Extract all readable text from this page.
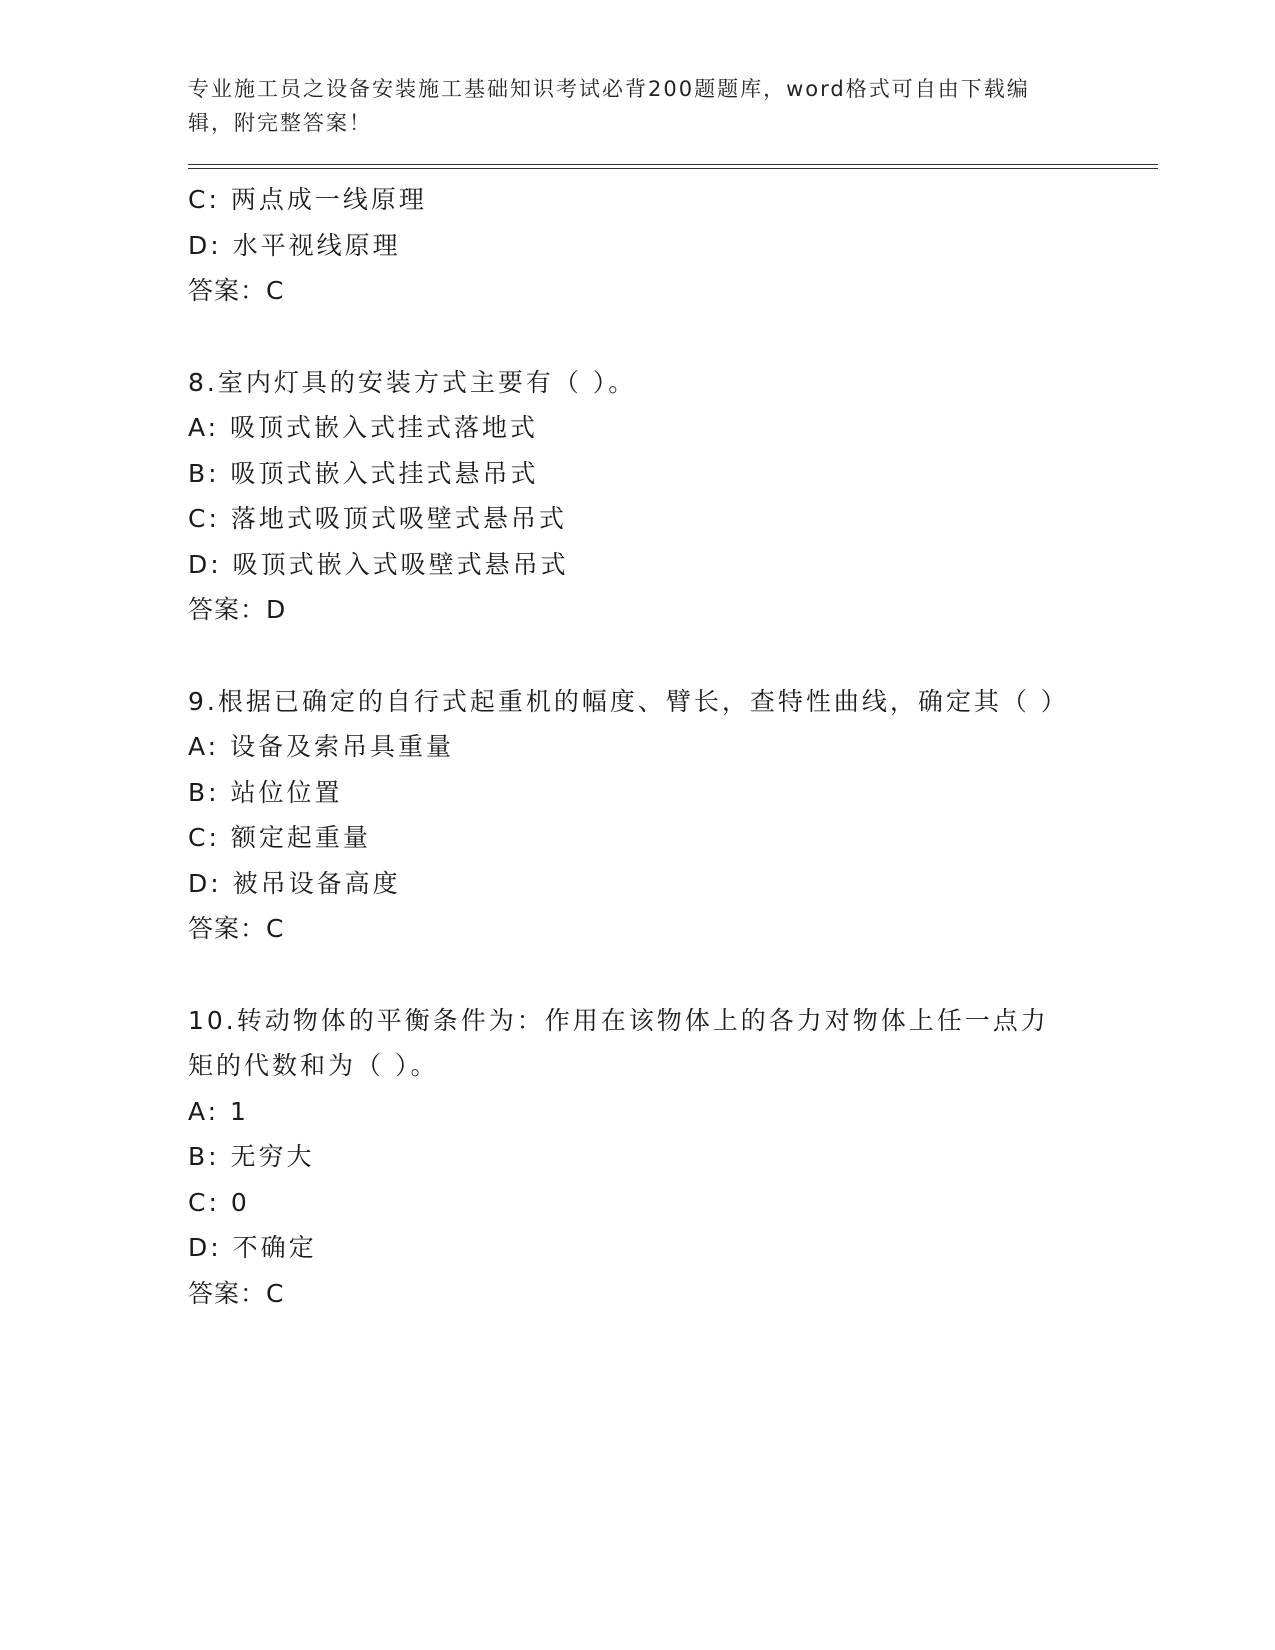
专业施工员之设备安装施工基础知识考试必背200题题库，word格式可自由下载编辑，附完整答案！
C: 两点成一线原理
D: 水平视线原理
答案：C
8.室内灯具的安装方式主要有（ ）。
A: 吸顶式嵌入式挂式落地式
B: 吸顶式嵌入式挂式悬吊式
C: 落地式吸顶式吸壁式悬吊式
D: 吸顶式嵌入式吸壁式悬吊式
答案：D
9.根据已确定的自行式起重机的幅度、臂长，查特性曲线，确定其（ ）
A: 设备及索吊具重量
B: 站位位置
C: 额定起重量
D: 被吊设备高度
答案：C
10.转动物体的平衡条件为：作用在该物体上的各力对物体上任一点力矩的代数和为（ ）。
A: 1
B: 无穷大
C: 0
D: 不确定
答案：C
